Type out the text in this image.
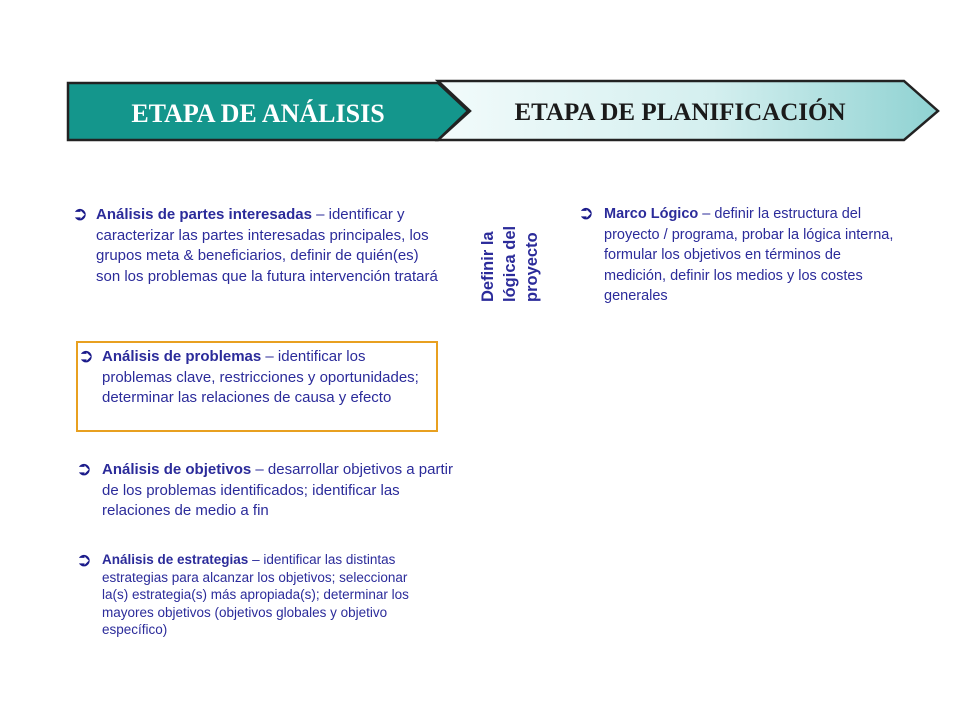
ETAPA DE ANÁLISIS	ETAPA DE PLANIFICACIÓN
➲ Análisis de partes interesadas – identificar y caracterizar las partes interesadas principales, los grupos meta & beneficiarios, definir de quién(es) son los problemas que la futura intervención tratará
➲ Análisis de problemas – identificar los problemas clave, restricciones y oportunidades; determinar las relaciones de causa y efecto
➲ Análisis de objetivos – desarrollar objetivos a partir de los problemas identificados; identificar las relaciones de medio a fin
➲ Análisis de estrategias – identificar las distintas estrategias para alcanzar los objetivos; seleccionar la(s) estrategia(s) más apropiada(s); determinar los mayores objetivos (objetivos globales y objetivo específico)
Definir la
lógica del
proyecto
➲ Marco Lógico – definir la estructura del proyecto / programa, probar la lógica interna, formular los objetivos en términos de medición, definir los medios y los costes generales
